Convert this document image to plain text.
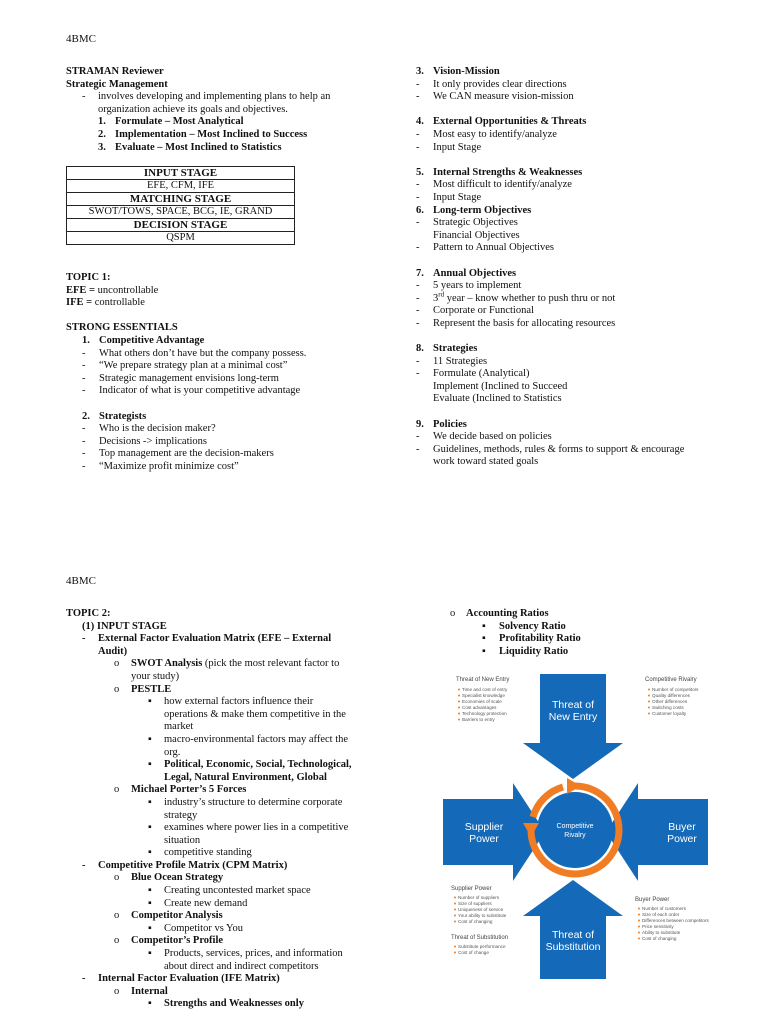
4BMC
STRAMAN Reviewer
Strategic Management
- involves developing and implementing plans to help an
organization achieve its goals and objectives.
1. Formulate – Most Analytical
2. Implementation – Most Inclined to Success
3. Evaluate – Most Inclined to Statistics
INPUT STAGE
EFE, CFM, IFE
MATCHING STAGE
SWOT/TOWS, SPACE, BCG, IE, GRAND
DECISION STAGE
QSPM
TOPIC 1:
EFE = uncontrollable
IFE = controllable
STRONG ESSENTIALS
1. Competitive Advantage
- What others don’t have but the company possess.
- “We prepare strategy plan at a minimal cost”
- Strategic management envisions long-term
- Indicator of what is your competitive advantage
2. Strategists
- Who is the decision maker?
- Decisions -> implications
- Top management are the decision-makers
- “Maximize profit minimize cost”
3. Vision-Mission
- It only provides clear directions
- We CAN measure vision-mission
4. External Opportunities & Threats
- Most easy to identify/analyze
- Input Stage
5. Internal Strengths & Weaknesses
- Most difficult to identify/analyze
- Input Stage
6. Long-term Objectives
- Strategic Objectives
Financial Objectives
- Pattern to Annual Objectives
7. Annual Objectives
- 5 years to implement
- 3rd year – know whether to push thru or not
- Corporate or Functional
- Represent the basis for allocating resources
8. Strategies
- 11 Strategies
- Formulate (Analytical)
Implement (Inclined to Succeed
Evaluate (Inclined to Statistics
9. Policies
- We decide based on policies
- Guidelines, methods, rules & forms to support & encourage
work toward stated goals
4BMC
TOPIC 2:
(1) INPUT STAGE
- External Factor Evaluation Matrix (EFE – External
Audit)
o SWOT Analysis (pick the most relevant factor to
your study)
o PESTLE
▪ how external factors influence their
operations & make them competitive in the
market
▪ macro-environmental factors may affect the
org.
▪ Political, Economic, Social, Technological,
Legal, Natural Environment, Global
o Michael Porter’s 5 Forces
▪ industry’s structure to determine corporate
strategy
▪ examines where power lies in a competitive
situation
▪ competitive standing
- Competitive Profile Matrix (CPM Matrix)
o Blue Ocean Strategy
▪ Creating uncontested market space
▪ Create new demand
o Competitor Analysis
▪ Competitor vs You
o Competitor’s Profile
▪ Products, services, prices, and information
about direct and indirect competitors
- Internal Factor Evaluation (IFE Matrix)
o Internal
▪ Strengths and Weaknesses only
o Accounting Ratios
▪ Solvency Ratio
▪ Profitability Ratio
▪ Liquidity Ratio
Threat of
New Entry
Supplier
Power
Buyer
Power
Threat of
Substitution
Competitive
Rivalry
Threat of New Entry
Time and cost of entry
Specialist knowledge
Economies of scale
Cost advantages
Technology protection
Barriers to entry
Competitive Rivalry
Number of competitors
Quality differences
Other differences
Switching costs
Customer loyalty
Supplier Power
Number of suppliers
Size of suppliers
Uniqueness of service
Your ability to substitute
Cost of changing
Threat of Substitution
Substitute performance
Cost of change
Buyer Power
Number of customers
Size of each order
Differences between competitors
Price sensitivity
Ability to substitute
Cost of changing
